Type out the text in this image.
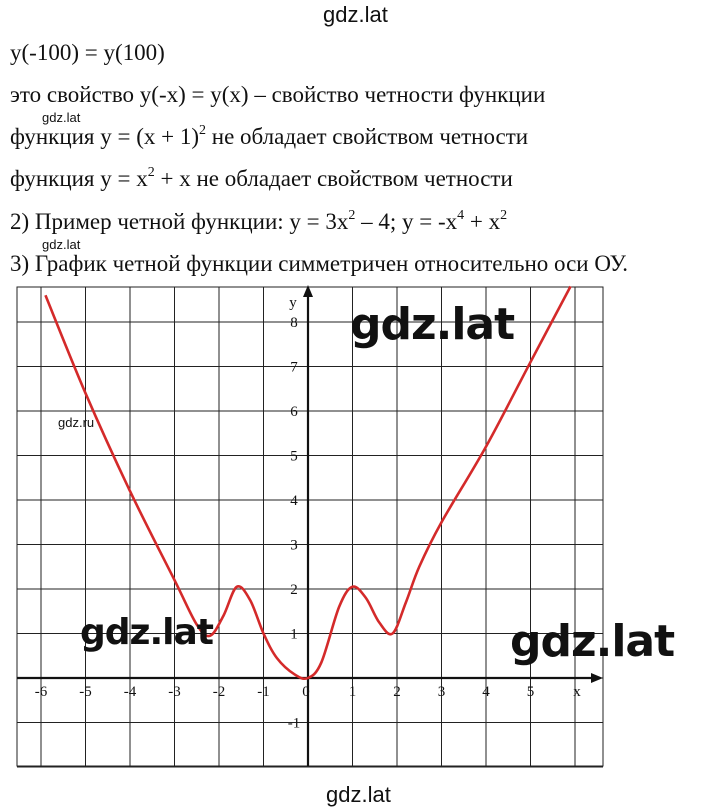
gdz.lat
y(-100) = y(100)
это свойство y(-x) = y(x) – свойство четности функции
gdz.lat
функция $y = (x + 1)^2$ не обладает свойством четности
функция $y = x^2 + x$ не обладает свойством четности
2) Пример четной функции: $y = 3x^2 - 4$; $y = -x^4 + x^2$
gdz.lat
3) График четной функции симметричен относительно оси ОУ.
-6 -5 -4 -3 -2 -1 0	1 2 3 4 5
-1
1
2
3
4
5
6
7
8
x
y gdz.lat
gdz.ru
gdz.lat	gdz.lat
gdz.lat
